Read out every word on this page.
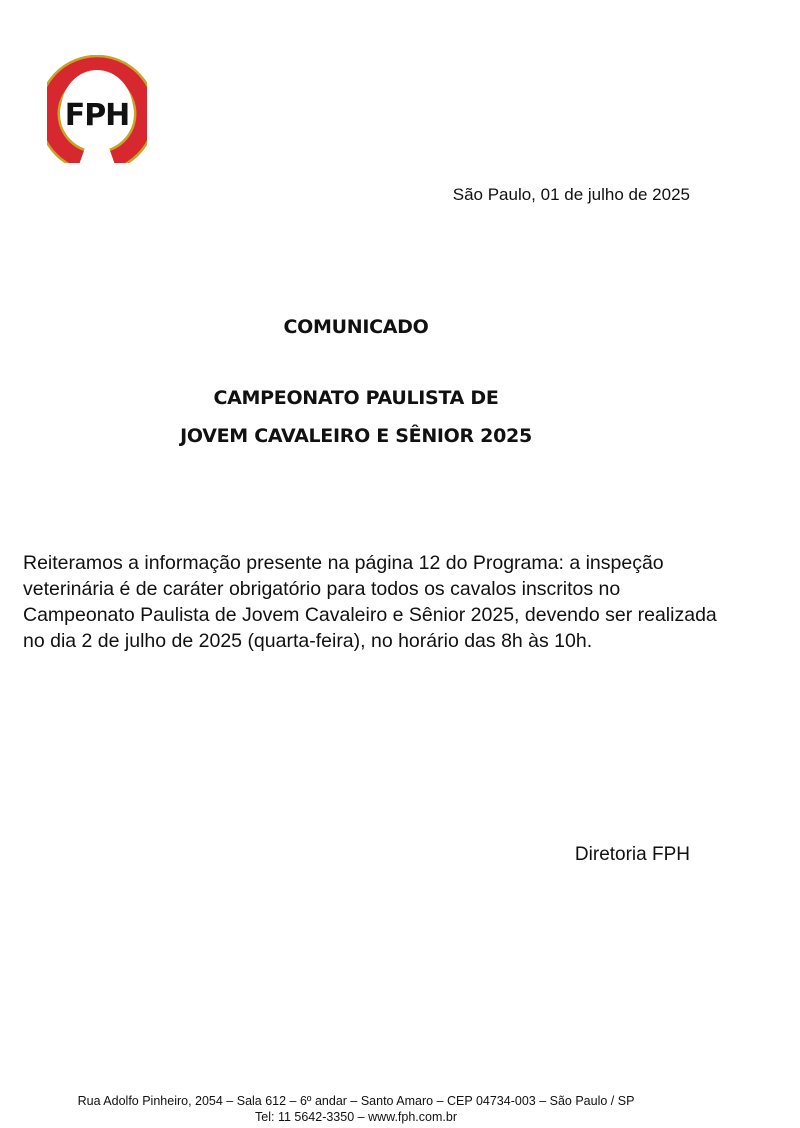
FPH
São Paulo, 01 de julho de 2025
COMUNICADO
CAMPEONATO PAULISTA DE
JOVEM CAVALEIRO E SÊNIOR 2025

Reiteramos a informação presente na página 12 do Programa: a inspeção veterinária é de caráter obrigatório para todos os cavalos inscritos no Campeonato Paulista de Jovem Cavaleiro e Sênior 2025, devendo ser realizada no dia 2 de julho de 2025 (quarta-feira), no horário das 8h às 10h.

Diretoria FPH
Rua Adolfo Pinheiro, 2054 – Sala 612 – 6º andar – Santo Amaro – CEP 04734-003 – São Paulo / SP
Tel: 11 5642-3350 – www.fph.com.br
